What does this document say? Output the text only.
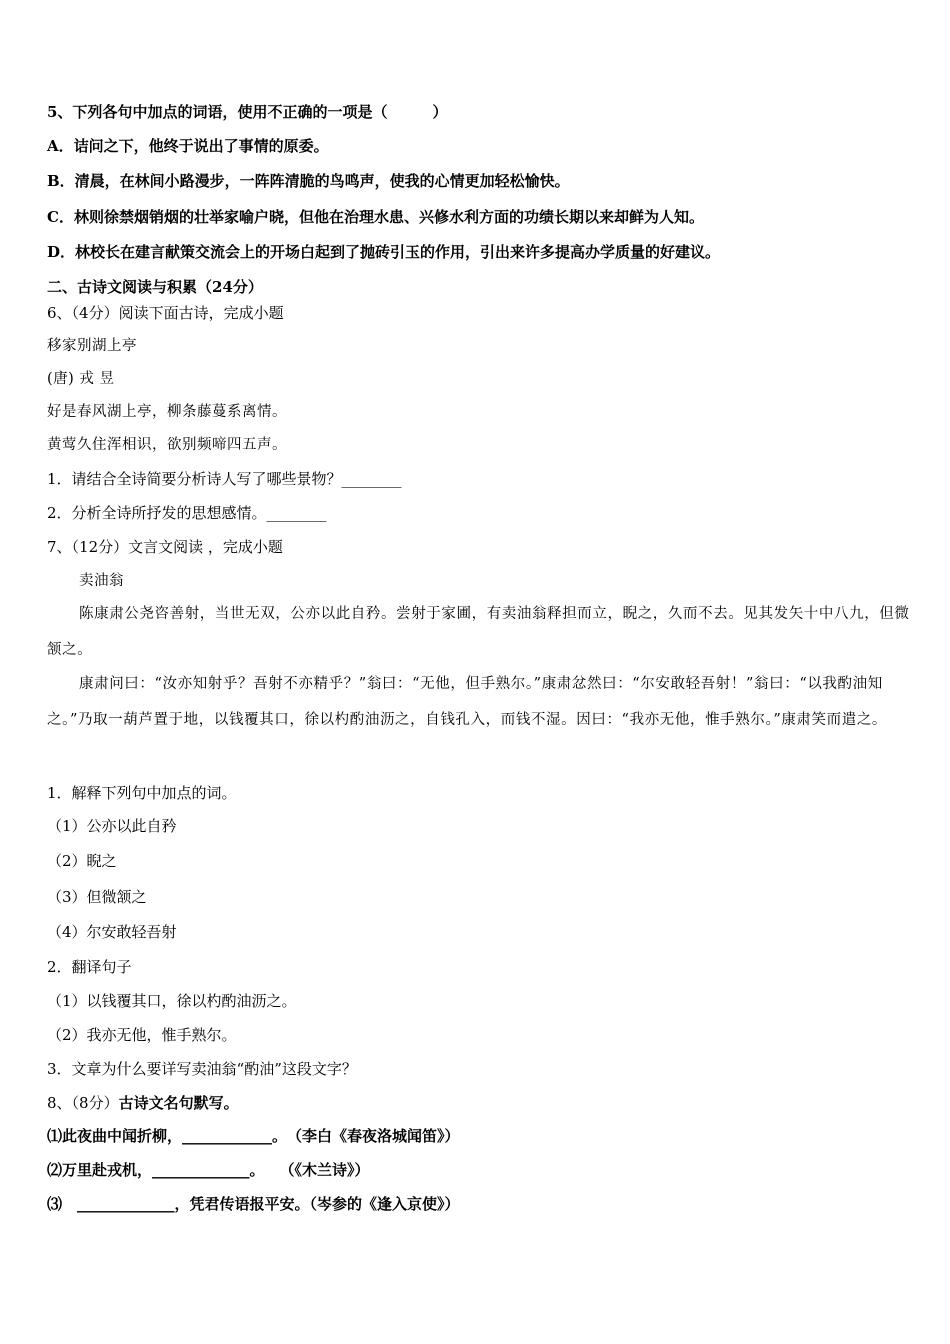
5、下列各句中加点的词语，使用不正确的一项是（　　　）
A．诘问之下，他终于说出了事情的原委。
B．清晨，在林间小路漫步，一阵阵清脆的鸟鸣声，使我的心情更加轻松愉快。
C．林则徐禁烟销烟的壮举家喻户晓，但他在治理水患、兴修水利方面的功绩长期以来却鲜为人知。
D．林校长在建言献策交流会上的开场白起到了抛砖引玉的作用，引出来许多提高办学质量的好建议。
二、古诗文阅读与积累（24分）
6、（4分）阅读下面古诗，完成小题
移家别湖上亭
(唐) 戎 昱
好是春风湖上亭，柳条藤蔓系离情。
黄莺久住浑相识，欲别频啼四五声。
1．请结合全诗简要分析诗人写了哪些景物？________
2．分析全诗所抒发的思想感情。________
7、（12分）文言文阅读 ，完成小题
卖油翁
陈康肃公尧咨善射，当世无双，公亦以此自矜。尝射于家圃，有卖油翁释担而立，睨之，久而不去。见其发矢十中八九，但微颔之。
康肃问曰：“汝亦知射乎？吾射不亦精乎？”翁曰：“无他，但手熟尔。”康肃忿然曰：“尔安敢轻吾射！”翁曰：“以我酌油知之。”乃取一葫芦置于地，以钱覆其口，徐以杓酌油沥之，自钱孔入，而钱不湿。因曰：“我亦无他，惟手熟尔。”康肃笑而遣之。
1．解释下列句中加点的词。
（1）公亦以此自矜
（2）睨之
（3）但微颔之
（4）尔安敢轻吾射
2．翻译句子
（1）以钱覆其口，徐以杓酌油沥之。
（2）我亦无他，惟手熟尔。
3．文章为什么要详写卖油翁“酌油”这段文字？
8、（8分）古诗文名句默写。
⑴此夜曲中闻折柳，____________。　（李白《春夜洛城闻笛》）
⑵万里赴戎机，_____________。　　（《木兰诗》）
⑶　 _____________，凭君传语报平安。（岑参的《逢入京使》）
